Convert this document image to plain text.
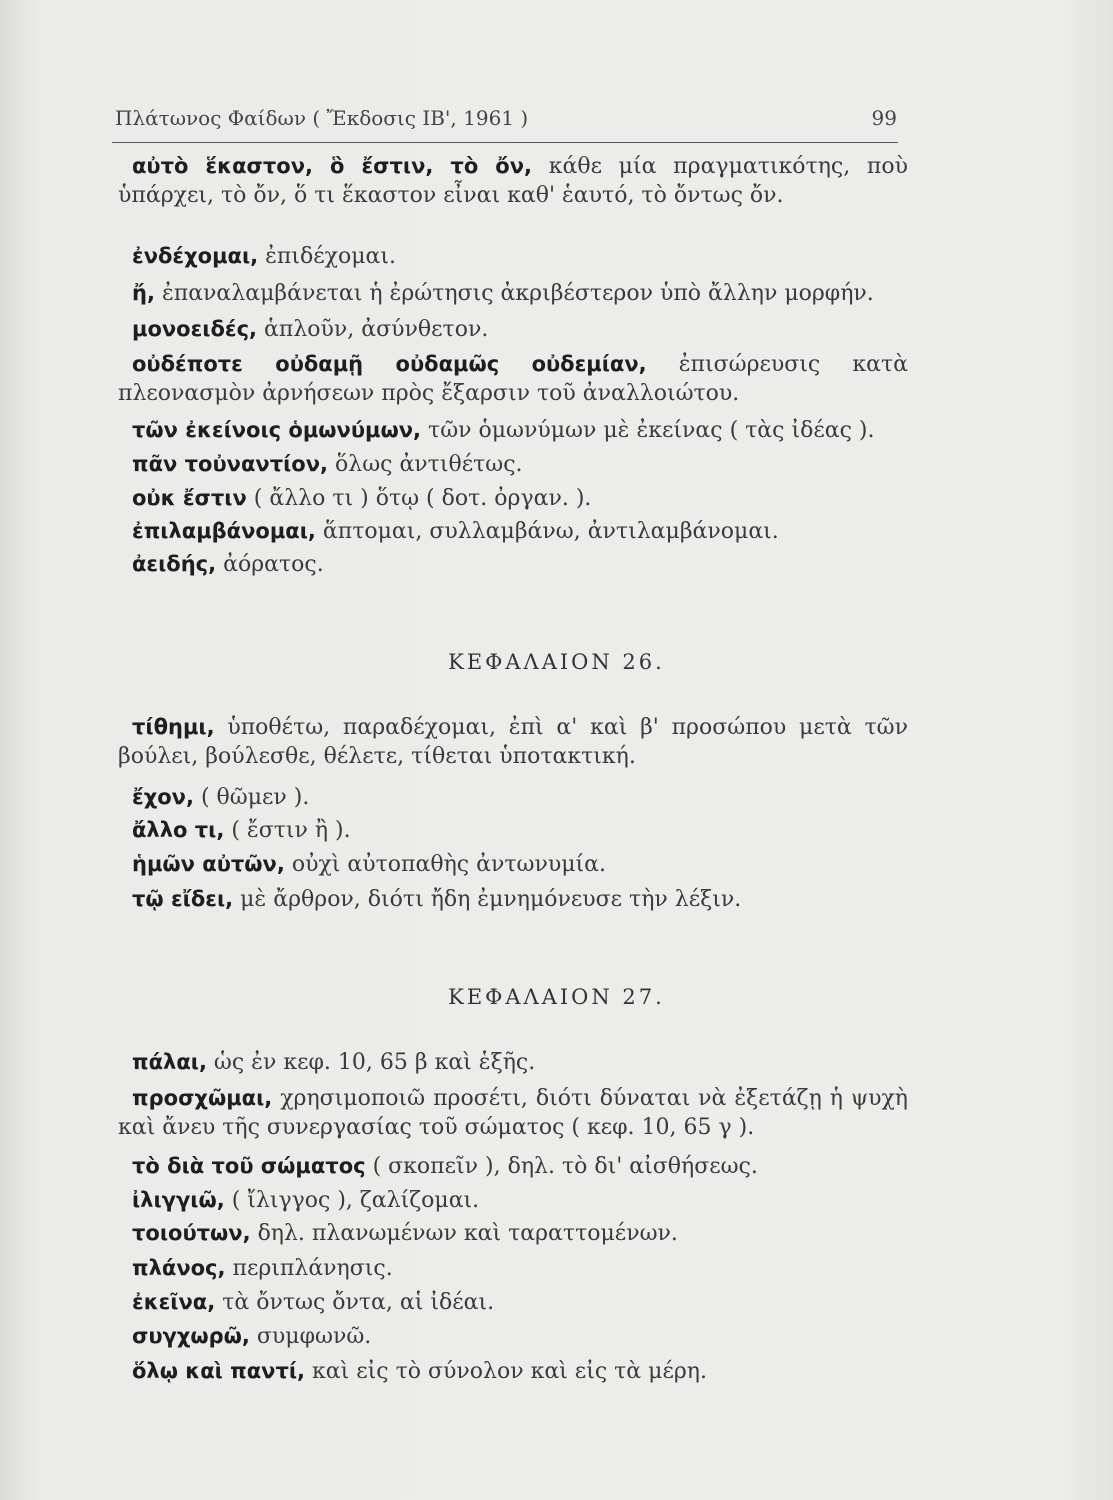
Πλάτωνος Φαίδων ( Ἔκδοσις ΙΒ', 1961 )	99
αὐτὸ ἕκαστον, ὃ ἔστιν, τὸ ὄν, κάθε μία πραγματικότης, ποὺ ὑπάρχει, τὸ ὄν, ὅ τι ἕκαστον εἶναι καθ' ἑαυτό, τὸ ὄντως ὄν.
ἐνδέχομαι, ἐπιδέχομαι.
ἤ, ἐπαναλαμβάνεται ἡ ἐρώτησις ἀκριβέστερον ὑπὸ ἄλλην μορφήν.
μονοειδές, ἁπλοῦν, ἀσύνθετον.
οὐδέποτε οὐδαμῇ οὐδαμῶς οὐδεμίαν, ἐπισώρευσις κατὰ πλεονασμὸν ἀρνήσεων πρὸς ἔξαρσιν τοῦ ἀναλλοιώτου.
τῶν ἐκείνοις ὁμωνύμων, τῶν ὁμωνύμων μὲ ἐκείνας ( τὰς ἰδέας ).
πᾶν τοὐναντίον, ὅλως ἀντιθέτως.
οὐκ ἔστιν ( ἄλλο τι ) ὅτῳ ( δοτ. ὀργαν. ).
ἐπιλαμβάνομαι, ἅπτομαι, συλλαμβάνω, ἀντιλαμβάνομαι.
ἀειδής, ἀόρατος.
ΚΕΦΑΛΑΙΟΝ 26.
τίθημι, ὑποθέτω, παραδέχομαι, ἐπὶ α' καὶ β' προσώπου μετὰ τῶν βούλει, βούλεσθε, θέλετε, τίθεται ὑποτακτική.
ἔχον, ( θῶμεν ).
ἄλλο τι, ( ἔστιν ἢ ).
ἡμῶν αὐτῶν, οὐχὶ αὐτοπαθὴς ἀντωνυμία.
τῷ εἴδει, μὲ ἄρθρον, διότι ἤδη ἐμνημόνευσε τὴν λέξιν.
ΚΕΦΑΛΑΙΟΝ 27.
πάλαι, ὡς ἐν κεφ. 10, 65 β καὶ ἑξῆς.
προσχῶμαι, χρησιμοποιῶ προσέτι, διότι δύναται νὰ ἐξετάζῃ ἡ ψυχὴ καὶ ἄνευ τῆς συνεργασίας τοῦ σώματος ( κεφ. 10, 65 γ ).
τὸ διὰ τοῦ σώματος ( σκοπεῖν ), δηλ. τὸ δι' αἰσθήσεως.
ἰλιγγιῶ, ( ἴλιγγος ), ζαλίζομαι.
τοιούτων, δηλ. πλανωμένων καὶ ταραττομένων.
πλάνος, περιπλάνησις.
ἐκεῖνα, τὰ ὄντως ὄντα, αἱ ἰδέαι.
συγχωρῶ, συμφωνῶ.
ὅλῳ καὶ παντί, καὶ εἰς τὸ σύνολον καὶ εἰς τὰ μέρη.
